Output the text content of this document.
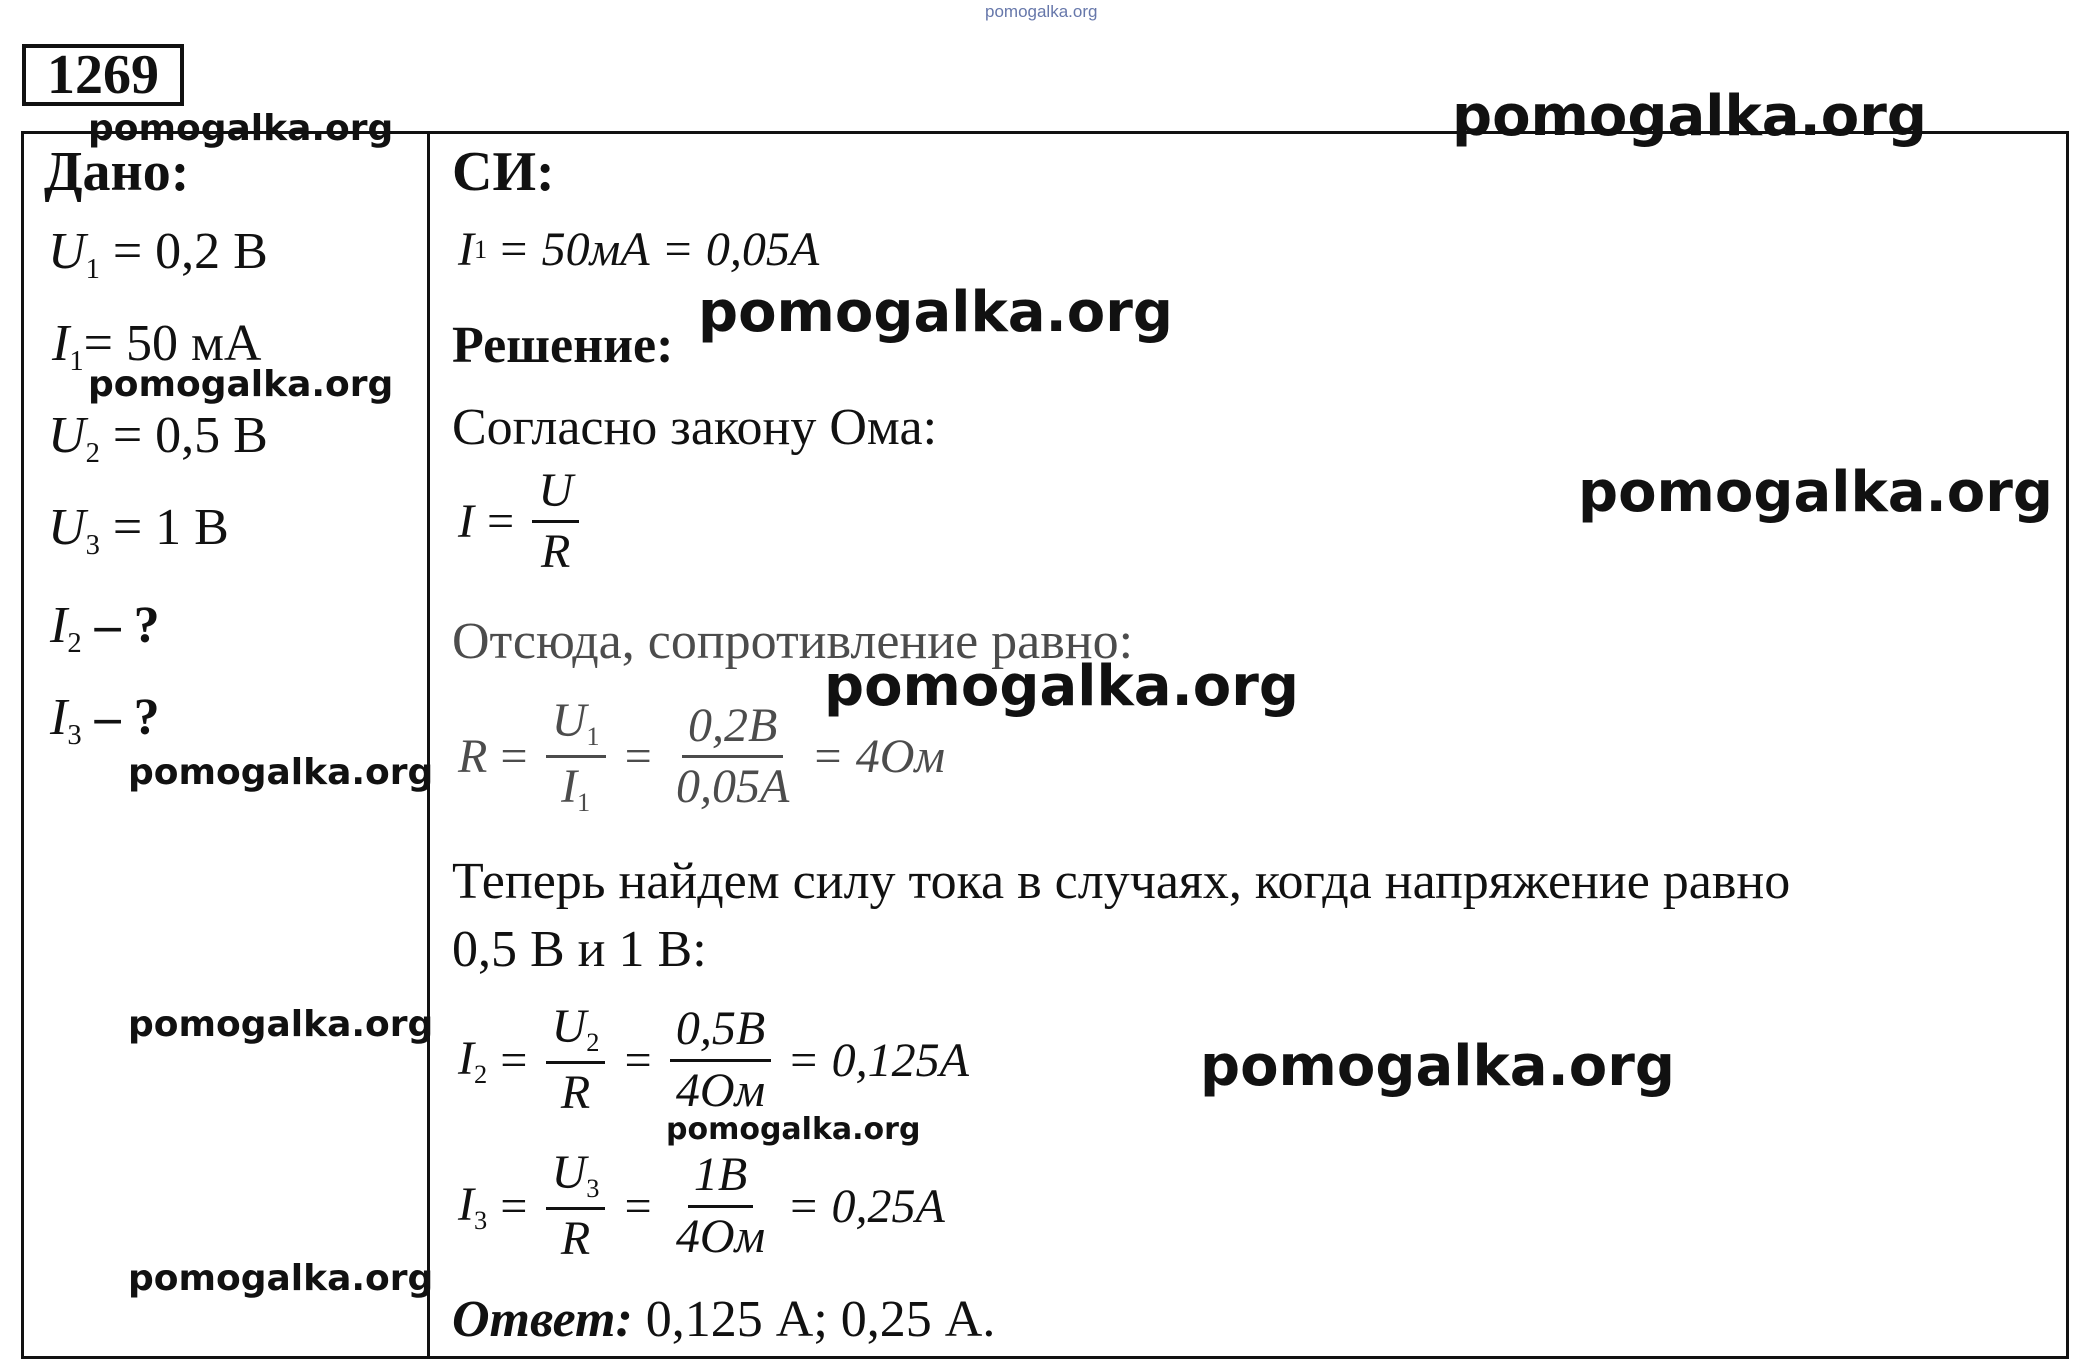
pomogalka.org
1269
Дано:
U1 = 0,2 В
I1= 50 мА
U2 = 0,5 В
U3 = 1 В
I2 – ?
I3 – ?
СИ:
I 1 = 50мА = 0,05А
Решение:
Согласно закону Ома:
$I = \frac{U}{R}$
Отсюда, сопротивление равно:
$R = \frac{U1}{I1} = \frac{0,2В}{0,05А} = 4Ом$
Теперь найдем силу тока в случаях, когда напряжение равно
0,5 В и 1 В:
$I2 = \frac{U2}{R} = \frac{0,5В}{4Ом} = 0,125А$
$I3 = \frac{U3}{R} = \frac{1В}{4Ом} = 0,25А$
Ответ: 0,125 А; 0,25 А.
pomogalka.org	pomogalka.org
pomogalka.org
pomogalka.org
pomogalka.org
pomogalka.org
pomogalka.org
pomogalka.org
pomogalka.org
pomogalka.org
pomogalka.org
